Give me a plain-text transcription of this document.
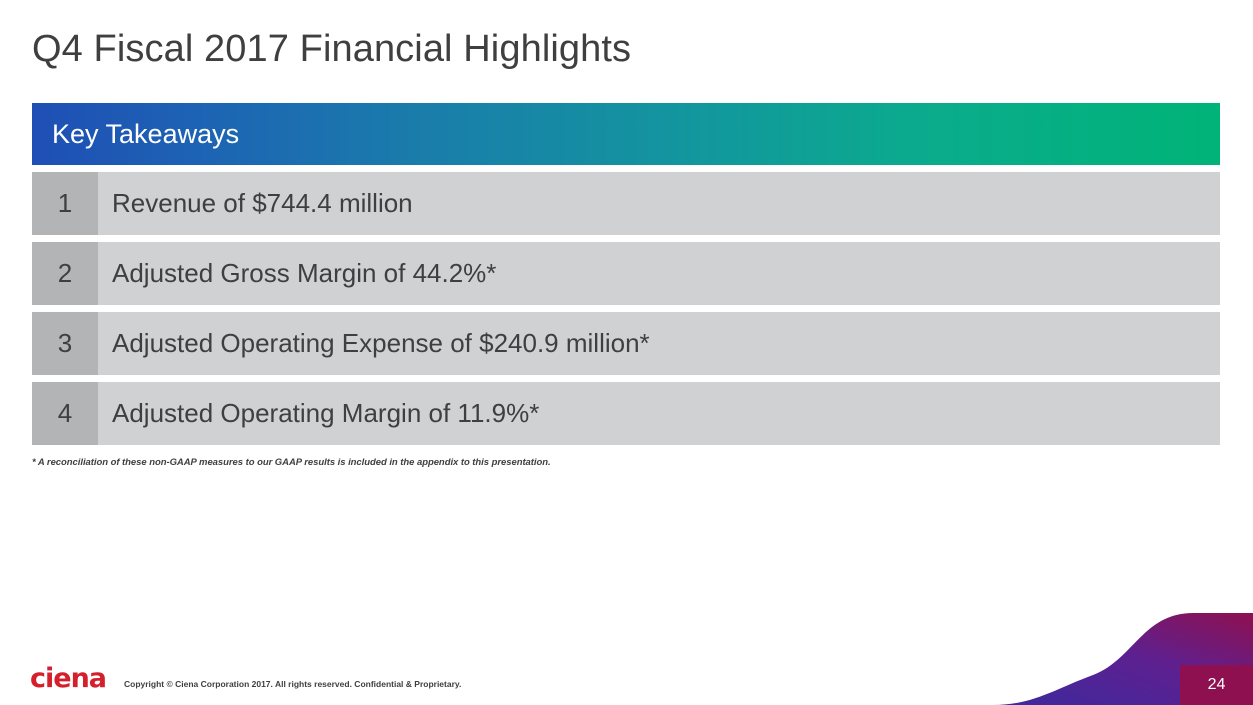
Q4 Fiscal 2017 Financial Highlights
Key Takeaways
1	Revenue of $744.4 million
2	Adjusted Gross Margin of 44.2%*
3	Adjusted Operating Expense of $240.9 million*
4	Adjusted Operating Margin of 11.9%*
* A reconciliation of these non-GAAP measures to our GAAP results is included in the appendix to this presentation.
ciena	Copyright © Ciena Corporation 2017. All rights reserved. Confidential & Proprietary.	24
